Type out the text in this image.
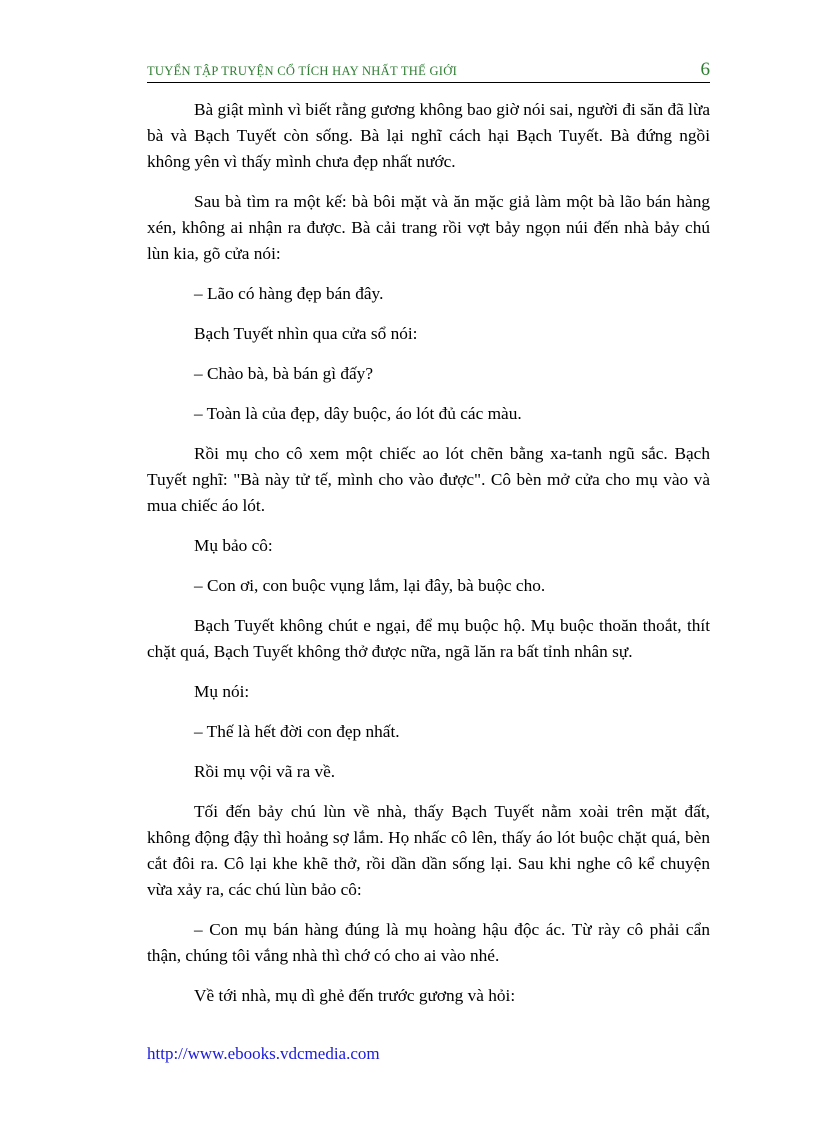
TUYỂN TẬP TRUYỆN CỔ TÍCH HAY NHẤT THẾ GIỚI	6

Bà giật mình vì biết rằng gương không bao giờ nói sai, người đi săn đã lừa bà và Bạch Tuyết còn sống. Bà lại nghĩ cách hại Bạch Tuyết. Bà đứng ngồi không yên vì thấy mình chưa đẹp nhất nước.

Sau bà tìm ra một kế: bà bôi mặt và ăn mặc giả làm một bà lão bán hàng xén, không ai nhận ra được. Bà cải trang rồi vợt bảy ngọn núi đến nhà bảy chú lùn kia, gõ cửa nói:

– Lão có hàng đẹp bán đây.

Bạch Tuyết nhìn qua cửa sổ nói:

– Chào bà, bà bán gì đấy?

– Toàn là của đẹp, dây buộc, áo lót đủ các màu.

Rồi mụ cho cô xem một chiếc ao lót chẽn bằng xa-tanh ngũ sắc. Bạch Tuyết nghĩ: "Bà này tử tế, mình cho vào được". Cô bèn mở cửa cho mụ vào và mua chiếc áo lót.

Mụ bảo cô:

– Con ơi, con buộc vụng lắm, lại đây, bà buộc cho.

Bạch Tuyết không chút e ngại, để mụ buộc hộ. Mụ buộc thoăn thoắt, thít chặt quá, Bạch Tuyết không thở được nữa, ngã lăn ra bất tỉnh nhân sự.

Mụ nói:

– Thế là hết đời con đẹp nhất.

Rồi mụ vội vã ra về.

Tối đến bảy chú lùn về nhà, thấy Bạch Tuyết nằm xoài trên mặt đất, không động đậy thì hoảng sợ lắm. Họ nhấc cô lên, thấy áo lót buộc chặt quá, bèn cắt đôi ra. Cô lại khe khẽ thở, rồi dần dần sống lại. Sau khi nghe cô kể chuyện vừa xảy ra, các chú lùn bảo cô:

– Con mụ bán hàng đúng là mụ hoàng hậu độc ác. Từ rày cô phải cẩn thận, chúng tôi vắng nhà thì chớ có cho ai vào nhé.

Về tới nhà, mụ dì ghẻ đến trước gương và hỏi:

http://www.ebooks.vdcmedia.com
